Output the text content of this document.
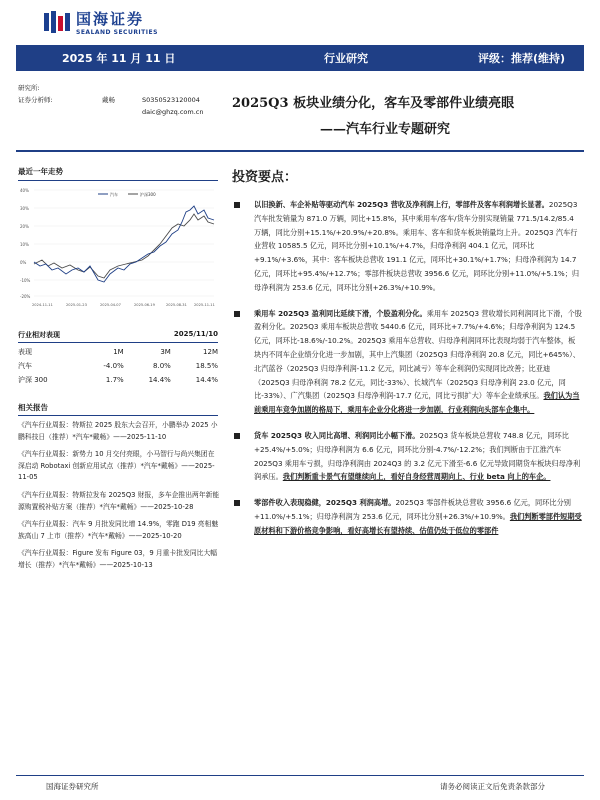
国海证券
SEALAND SECURITIES
2025 年 11 月 11 日	行业研究	评级：推荐(维持)
研究所:
证券分析师:	戴畅	S0350523120004
daic@ghzq.com.cn
2025Q3 板块业绩分化，客车及零部件业绩亮眼
——汽车行业专题研究
最近一年走势
40%
30%
20%
10%
0%
-10%
-20%
汽车	沪深300
2024-11-11	2025-01-23	2025-04-07	2025-06-19	2025-08-31 2025-11-11
行业相对表现	2025/11/10
表现	1M	3M	12M
汽车	-4.0%	8.0%	18.5%
沪深 300	1.7%	14.4%	14.4%
相关报告
《汽车行业周报：特斯拉 2025 股东大会召开，小鹏举办 2025 小鹏科技日（推荐）*汽车*戴畅》——2025-11-10
《汽车行业周报：新势力 10 月交付亮眼，小马智行与尚兴集团在深启动 Robotaxi 创新应用试点（推荐）*汽车*戴畅》——2025-11-05
《汽车行业周报：特斯拉发布 2025Q3 财报，多车企推出两年新能源购置税补贴方案（推荐）*汽车*戴畅》——2025-10-28
《汽车行业周报：汽车 9 月批发同比增 14.9%，零跑 D19 亮相魅族高山 7 上市（推荐）*汽车*戴畅》——2025-10-20
《汽车行业周报：Figure 发布 Figure 03，9 月重卡批发同比大幅增长（推荐）*汽车*戴畅》——2025-10-13
投资要点：
以旧换新、车企补贴等驱动汽车 2025Q3 营收及净利润上行，零部件及客车利润增长显著。2025Q3 汽车批发销量为 871.0 万辆，同比+15.8%，其中乘用车/客车/货车分别实现销量 771.5/14.2/85.4 万辆，同比分别+15.1%/+20.9%/+20.8%。乘用车、客车和货车板块销量均上升。2025Q3 汽车行业营收 10585.5 亿元，同环比分别+10.1%/+4.7%，归母净利润 404.1 亿元，同环比+9.1%/+3.6%，其中：客车板块总营收 191.1 亿元，同环比+30.1%/+1.7%；归母净利润为 14.7 亿元，同环比+95.4%/+12.7%；零部件板块总营收 3956.6 亿元，同环比分别+11.0%/+5.1%；归母净利润为 253.6 亿元，同环比分别+26.3%/+10.9%。
乘用车 2025Q3 盈利同比延续下滑，个股盈利分化。乘用车 2025Q3 营收增长同利润同比下滑，个股盈利分化。2025Q3 乘用车板块总营收 5440.6 亿元，同环比+7.7%/+4.6%；归母净利润为 124.5 亿元，同环比-18.6%/-10.2%。2025Q3 乘用车总营收、归母净利润同环比表现均弱于汽车整体，板块内不同车企业绩分化进一步加剧，其中上汽集团（2025Q3 归母净利润 20.8 亿元，同比+645%）、北汽蓝谷（2025Q3 归母净利润-11.2 亿元，同比减亏）等车企利润仍实现同比改善；比亚迪（2025Q3 归母净利润 78.2 亿元，同比-33%）、长城汽车（2025Q3 归母净利润 23.0 亿元，同比-33%）、广汽集团（2025Q3 归母净利润-17.7 亿元，同比亏损扩大）等车企业绩承压。我们认为当前乘用车竞争加剧的格局下，乘用车企业分化将进一步加剧，行业利润向头部车企集中。
货车 2025Q3 收入同比高增、利润同比小幅下滑。2025Q3 货车板块总营收 748.8 亿元，同环比+25.4%/+5.0%；归母净利润为 6.6 亿元，同环比分别-4.7%/-12.2%；我们判断由于江淮汽车 2025Q3 乘用车亏损，归母净利润由 2024Q3 的 3.2 亿元下滑至-6.6 亿元导致同期货车板块归母净利润承压。我们判断重卡景气有望继续向上，看好自身经营周期向上、行业 beta 向上的车企。
零部件收入表现稳健，2025Q3 利润高增。2025Q3 零部件板块总营收 3956.6 亿元，同环比分别+11.0%/+5.1%；归母净利润为 253.6 亿元，同环比分别+26.3%/+10.9%。我们判断零部件短期受原材料和下游价格竞争影响，看好高增长有望持续、估值仍处于低位的零部件
国海证券研究所	请务必阅读正文后免责条款部分
